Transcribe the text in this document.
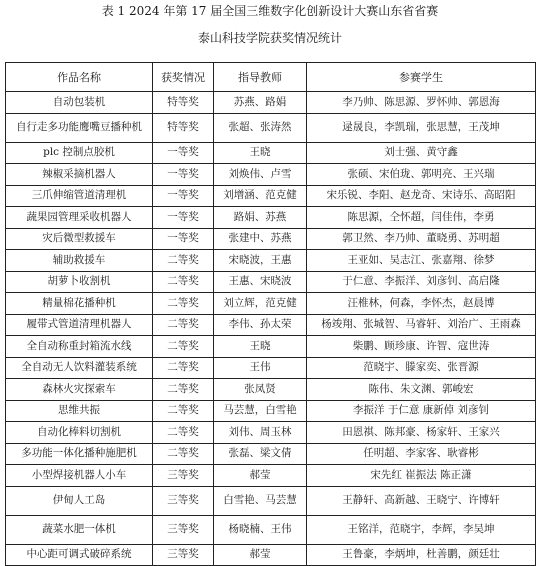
表 1 2024 年第 17 届全国三维数字化创新设计大赛山东省省赛
泰山科技学院获奖情况统计
作品名称	获奖情况	指导教师	参赛学生
自动包装机	特等奖	苏燕、路娟	李乃帅、陈思源、罗怀帅、郭恩海
自行走多功能鹰嘴豆播种机	特等奖	张超、张涛然	逯晟良，李凯瑞，张思慧，王茂坤
plc 控制点胶机	一等奖	王晓	刘士强、黄守鑫
辣椒采摘机器人	一等奖	刘焕伟、卢雪	张硕、宋伯珑、郭明亮、王兴瑞
三爪伸缩管道清理机	一等奖	刘增涵、范克健	宋乐锐、李阳、赵龙奇、宋诗乐、高昭阳
蔬果园管理采收机器人	一等奖	路娟、苏燕	陈思源，仝怀超，闫佳伟，李勇
灾后微型救援车	一等奖	张建中、苏燕	郭卫然、李乃帅、董晓勇、苏明超
辅助救援车	二等奖	宋晓波，王惠	王亚如、吴志江、张嘉翔、徐梦
胡萝卜收割机	二等奖	王惠、宋晓波	于仁意、李振洋、刘彦钊、高启隆
精量棉花播种机	二等奖	刘立辉，范克健	汪椎林，何森，李怀杰，赵晨博
履带式管道清理机器人	二等奖	李伟、孙太荣	杨竣翔、张城智、马睿轩、刘治广、王雨森
全自动称重封箱流水线	二等奖	王晓	柴鹏、顾珍康、许智、寇世涛
全自动无人饮料灌装系统	二等奖	王伟	范晓宇、滕家奕、张晋源
森林火灾探索车	二等奖	张凤贤	陈伟、朱文渊、郭峻宏
思维共振	二等奖	马芸慧，白雪艳	李振洋 于仁意 康新倬 刘彦钊
自动化棒料切割机	二等奖	刘伟、周玉林	田恩祺、陈邦豪、杨家轩、王家兴
多功能一体化播种施肥机	二等奖	张磊、梁文倩	任明超、李家客、耿睿彬
小型焊接机器人小车	三等奖	郝莹	宋先红 崔振法 陈正潇
伊甸人工岛	三等奖	白雪艳、马芸慧	王静轩、高新越、王晓宁、许博轩
蔬菜水肥一体机	三等奖	杨晓楠、王伟	王铭洋，范晓宇，李辉，李吴坤
中心距可调式破碎系统	三等奖	郝莹	王鲁豪，李炳坤，杜善鹏，颜廷壮
